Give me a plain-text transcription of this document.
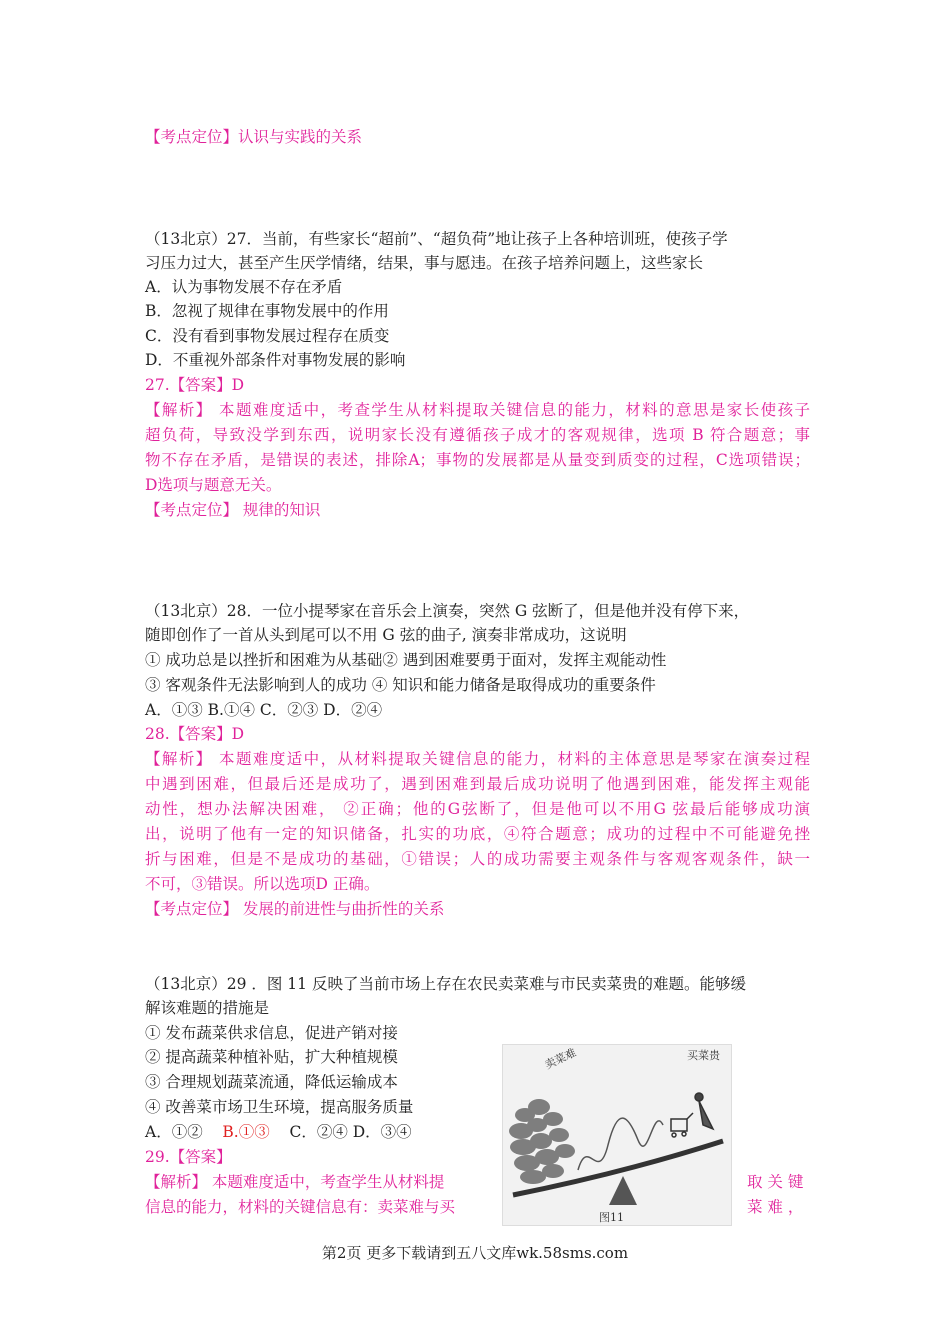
【考点定位】认识与实践的关系
（13北京）27．当前，有些家长“超前”、“超负荷”地让孩子上各种培训班，使孩子学
习压力过大，甚至产生厌学情绪，结果，事与愿违。在孩子培养问题上，这些家长
A．认为事物发展不存在矛盾
B．忽视了规律在事物发展中的作用
C．没有看到事物发展过程存在质变
D．不重视外部条件对事物发展的影响
27.【答案】D
【解析】 本题难度适中，考查学生从材料提取关键信息的能力，材料的意思是家长使孩子
超负荷，导致没学到东西，说明家长没有遵循孩子成才的客观规律，选项 B 符合题意；事
物不存在矛盾，是错误的表述，排除A；事物的发展都是从量变到质变的过程，C选项错误；
D选项与题意无关。
【考点定位】 规律的知识
（13北京）28．一位小提琴家在音乐会上演奏，突然 G 弦断了，但是他并没有停下来，
随即创作了一首从头到尾可以不用 G 弦的曲子, 演奏非常成功，这说明
① 成功总是以挫折和困难为从基础② 遇到困难要勇于面对，发挥主观能动性
③ 客观条件无法影响到人的成功 ④ 知识和能力储备是取得成功的重要条件
A．①③ B.①④ C．②③ D．②④
28.【答案】D
【解析】 本题难度适中，从材料提取关键信息的能力，材料的主体意思是琴家在演奏过程
中遇到困难，但最后还是成功了，遇到困难到最后成功说明了他遇到困难，能发挥主观能
动性，想办法解决困难， ②正确；他的G弦断了，但是他可以不用G 弦最后能够成功演
出，说明了他有一定的知识储备，扎实的功底，④符合题意；成功的过程中不可能避免挫
折与困难，但是不是成功的基础，①错误；人的成功需要主观条件与客观客观条件，缺一
不可，③错误。所以选项D 正确。
【考点定位】 发展的前进性与曲折性的关系
（13北京）29 ．图 11 反映了当前市场上存在农民卖菜难与市民卖菜贵的难题。能够缓
解该难题的措施是
① 发布蔬菜供求信息，促进产销对接
② 提高蔬菜种植补贴，扩大种植规模
③ 合理规划蔬菜流通，降低运输成本
④ 改善菜市场卫生环境，提高服务质量
A．①② B.①③ C．②④ D．③④
29.【答案】
【解析】 本题难度适中，考查学生从材料提	取 关 键
信息的能力，材料的关键信息有：卖菜难与买	菜 难 ，
卖菜难	买菜贵
图11
第2页 更多下载请到五八文库wk.58sms.com
